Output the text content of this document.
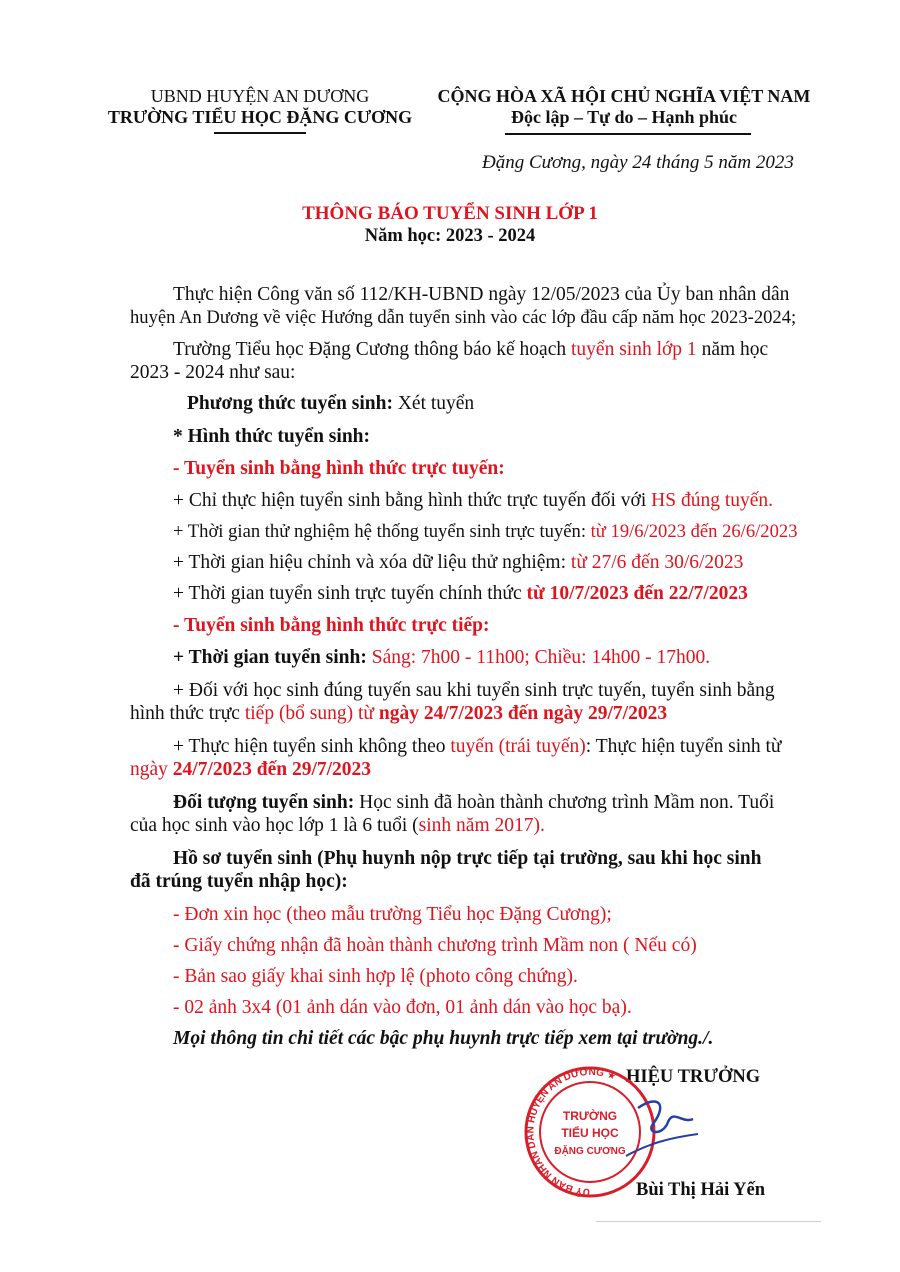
UBND HUYỆN AN DƯƠNG
TRƯỜNG TIỂU HỌC ĐẶNG CƯƠNG
CỘNG HÒA XÃ HỘI CHỦ NGHĨA VIỆT NAM
Độc lập – Tự do – Hạnh phúc
Đặng Cương, ngày 24 tháng 5 năm 2023
THÔNG BÁO TUYỂN SINH LỚP 1
Năm học: 2023 - 2024
Thực hiện Công văn số 112/KH-UBND ngày 12/05/2023 của Ủy ban nhân dân
huyện An Dương về việc Hướng dẫn tuyển sinh vào các lớp đầu cấp năm học 2023-2024;
Trường Tiểu học Đặng Cương thông báo kế hoạch tuyển sinh lớp 1 năm học
2023 - 2024 như sau:
Phương thức tuyển sinh: Xét tuyển
* Hình thức tuyển sinh:
- Tuyển sinh bằng hình thức trực tuyến:
+ Chỉ thực hiện tuyển sinh bằng hình thức trực tuyến đối với HS đúng tuyến.
+ Thời gian thử nghiệm hệ thống tuyển sinh trực tuyến: từ 19/6/2023 đến 26/6/2023
+ Thời gian hiệu chỉnh và xóa dữ liệu thử nghiệm: từ 27/6 đến 30/6/2023
+ Thời gian tuyển sinh trực tuyến chính thức từ 10/7/2023 đến 22/7/2023
- Tuyển sinh bằng hình thức trực tiếp:
+ Thời gian tuyển sinh: Sáng: 7h00 - 11h00; Chiều: 14h00 - 17h00.
+ Đối với học sinh đúng tuyến sau khi tuyển sinh trực tuyến, tuyển sinh bằng
hình thức trực tiếp (bổ sung) từ ngày 24/7/2023 đến ngày 29/7/2023
+ Thực hiện tuyển sinh không theo tuyến (trái tuyến): Thực hiện tuyển sinh từ
ngày 24/7/2023 đến 29/7/2023
Đối tượng tuyển sinh: Học sinh đã hoàn thành chương trình Mầm non. Tuổi
của học sinh vào học lớp 1 là 6 tuổi (sinh năm 2017).
Hồ sơ tuyển sinh (Phụ huynh nộp trực tiếp tại trường, sau khi học sinh
đã trúng tuyển nhập học):
- Đơn xin học (theo mẫu trường Tiểu học Đặng Cương);
- Giấy chứng nhận đã hoàn thành chương trình Mầm non ( Nếu có)
- Bản sao giấy khai sinh hợp lệ (photo công chứng).
- 02 ảnh 3x4 (01 ảnh dán vào đơn, 01 ảnh dán vào học bạ).
Mọi thông tin chi tiết các bậc phụ huynh trực tiếp xem tại trường./.
HIỆU TRƯỞNG
UỶ BAN NHÂN DÂN HUYỆN AN DƯƠNG ★
TRƯỜNG
TIỂU HỌC
ĐẶNG CƯƠNG
Bùi Thị Hải Yến
